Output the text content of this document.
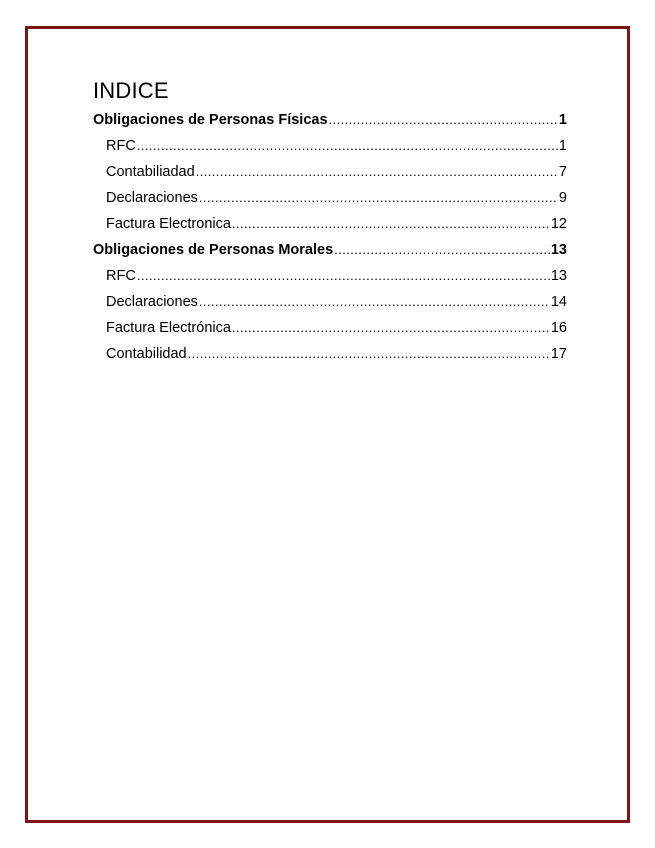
INDICE
Obligaciones de Personas Físicas . . .	1
RFC . . .	1
Contabiliadad . . .	7
Declaraciones . . .	9
Factura Electronica . . .	12
Obligaciones de Personas Morales . . .	13
RFC . . .	13
Declaraciones . . .	14
Factura Electrónica . . .	16
Contabilidad . . .	17
